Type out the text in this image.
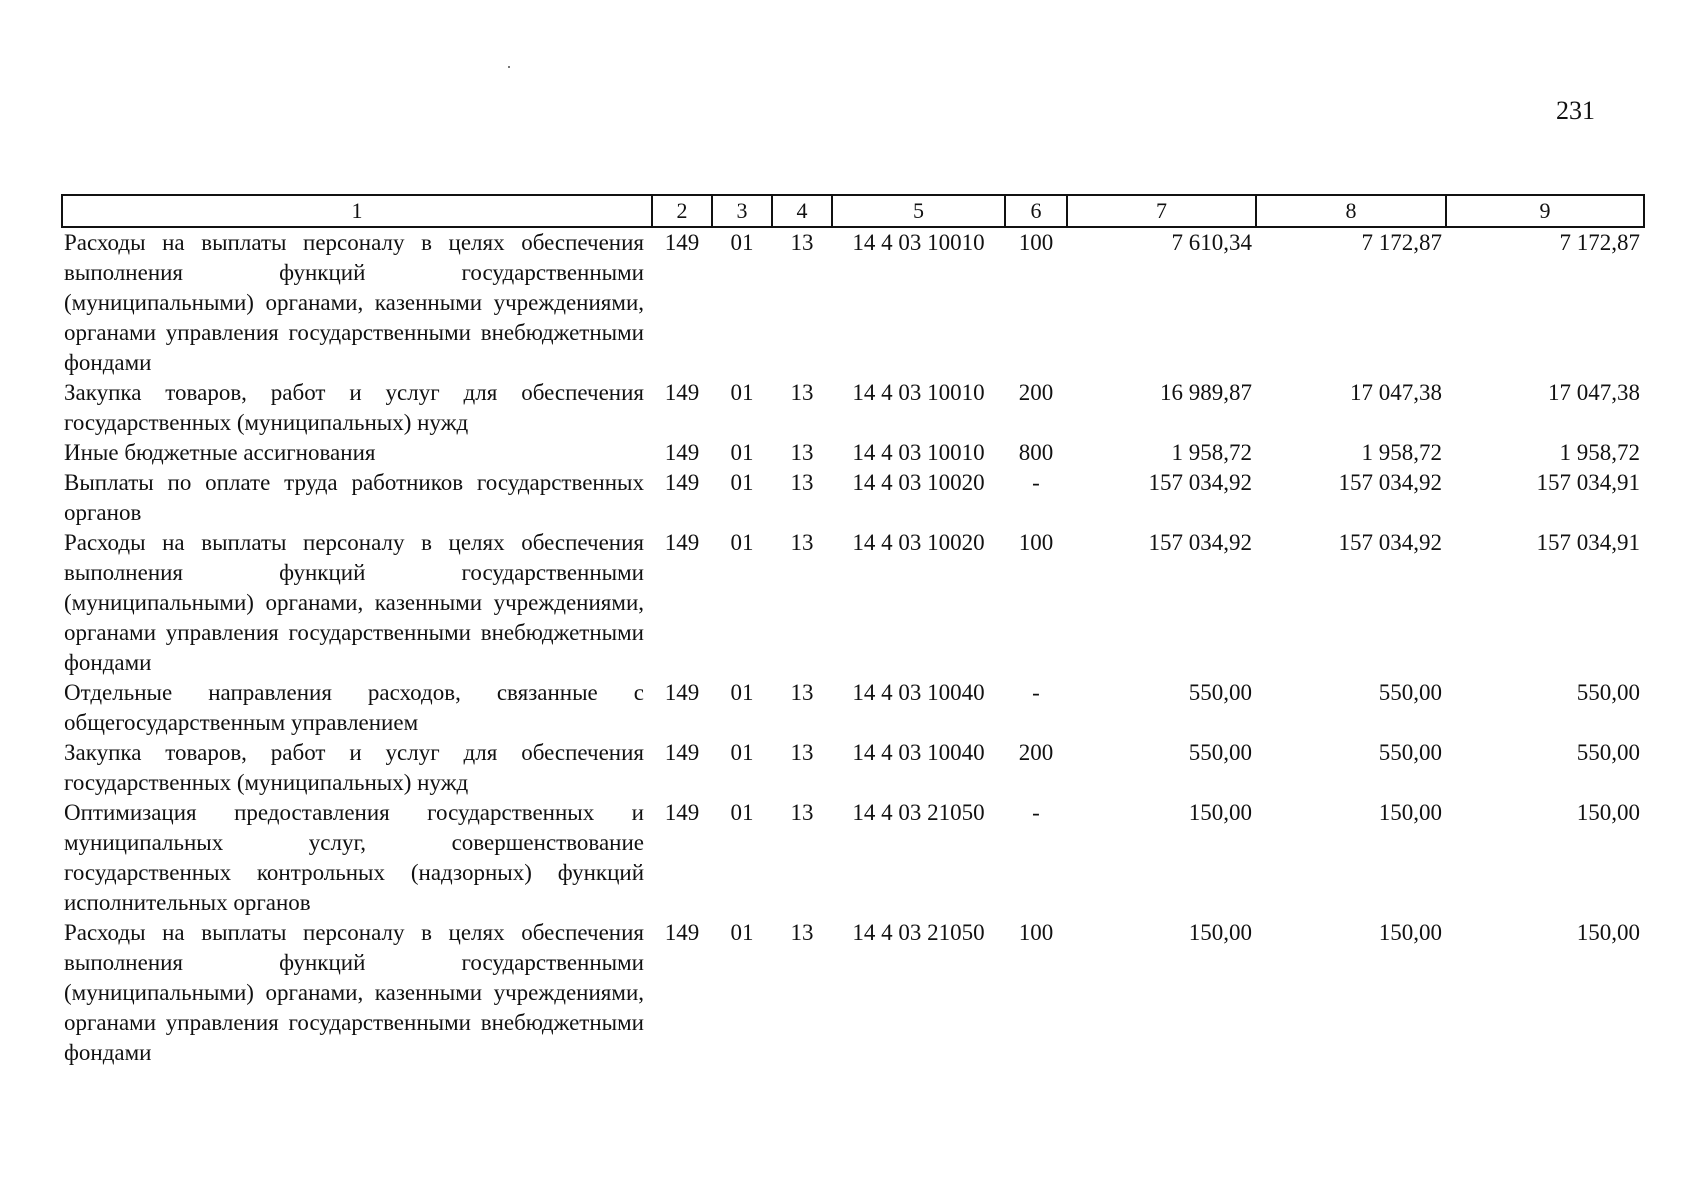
231
1	2	3	4	5	6	7	8	9
Расходы на выплаты персоналу в целях обеспечения выполнения функций государственными (муниципальными) органами, казенными учреждениями, органами управления государственными внебюджетными фондами	149	01	13	14 4 03 10010	100	7 610,34	7 172,87	7 172,87
Закупка товаров, работ и услуг для обеспечения государственных (муниципальных) нужд	149	01	13	14 4 03 10010	200	16 989,87	17 047,38	17 047,38
Иные бюджетные ассигнования	149	01	13	14 4 03 10010	800	1 958,72	1 958,72	1 958,72
Выплаты по оплате труда работников государственных органов	149	01	13	14 4 03 10020	-	157 034,92	157 034,92	157 034,91
Расходы на выплаты персоналу в целях обеспечения выполнения функций государственными (муниципальными) органами, казенными учреждениями, органами управления государственными внебюджетными фондами	149	01	13	14 4 03 10020	100	157 034,92	157 034,92	157 034,91
Отдельные направления расходов, связанные с общегосударственным управлением	149	01	13	14 4 03 10040	-	550,00	550,00	550,00
Закупка товаров, работ и услуг для обеспечения государственных (муниципальных) нужд	149	01	13	14 4 03 10040	200	550,00	550,00	550,00
Оптимизация предоставления государственных и муниципальных услуг, совершенствование государственных контрольных (надзорных) функций исполнительных органов	149	01	13	14 4 03 21050	-	150,00	150,00	150,00
Расходы на выплаты персоналу в целях обеспечения выполнения функций государственными (муниципальными) органами, казенными учреждениями, органами управления государственными внебюджетными фондами	149	01	13	14 4 03 21050	100	150,00	150,00	150,00
